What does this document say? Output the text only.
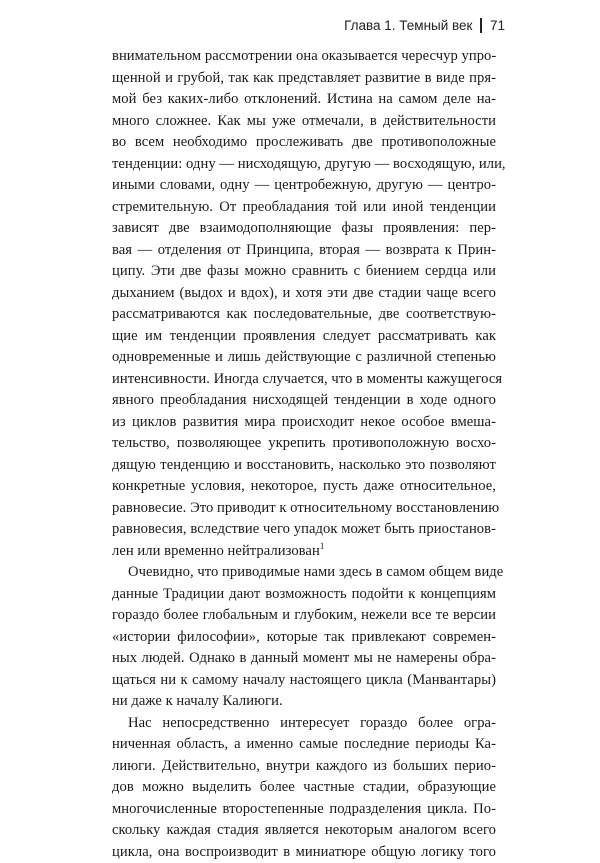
Глава 1. Темный век 71
внимательном рассмотрении она оказывается чересчур упро-
щенной и грубой, так как представляет развитие в виде пря-
мой без каких-либо отклонений. Истина на самом деле на-
много сложнее. Как мы уже отмечали, в действительности
во всем необходимо прослеживать две противоположные
тенденции: одну — нисходящую, другую — восходящую, или,
иными словами, одну — центробежную, другую — центро-
стремительную. От преобладания той или иной тенденции
зависят две взаимодополняющие фазы проявления: пер-
вая — отделения от Принципа, вторая — возврата к Прин-
ципу. Эти две фазы можно сравнить с биением сердца или
дыханием (выдох и вдох), и хотя эти две стадии чаще всего
рассматриваются как последовательные, две соответствую-
щие им тенденции проявления следует рассматривать как
одновременные и лишь действующие с различной степенью
интенсивности. Иногда случается, что в моменты кажущегося
явного преобладания нисходящей тенденции в ходе одного
из циклов развития мира происходит некое особое вмеша-
тельство, позволяющее укрепить противоположную восхо-
дящую тенденцию и восстановить, насколько это позволяют
конкретные условия, некоторое, пусть даже относительное,
равновесие. Это приводит к относительному восстановлению
равновесия, вследствие чего упадок может быть приостанов-
лен или временно нейтрализован$^1$
Очевидно, что приводимые нами здесь в самом общем виде
данные Традиции дают возможность подойти к концепциям
гораздо более глобальным и глубоким, нежели все те версии
«истории философии», которые так привлекают современ-
ных людей. Однако в данный момент мы не намерены обра-
щаться ни к самому началу настоящего цикла (Манвантары)
ни даже к началу Калиюги.
Нас непосредственно интересует гораздо более огра-
ниченная область, а именно самые последние периоды Ка-
лиюги. Действительно, внутри каждого из больших перио-
дов можно выделить более частные стадии, образующие
многочисленные второстепенные подразделения цикла. По-
скольку каждая стадия является некоторым аналогом всего
цикла, она воспроизводит в миниатюре общую логику того
